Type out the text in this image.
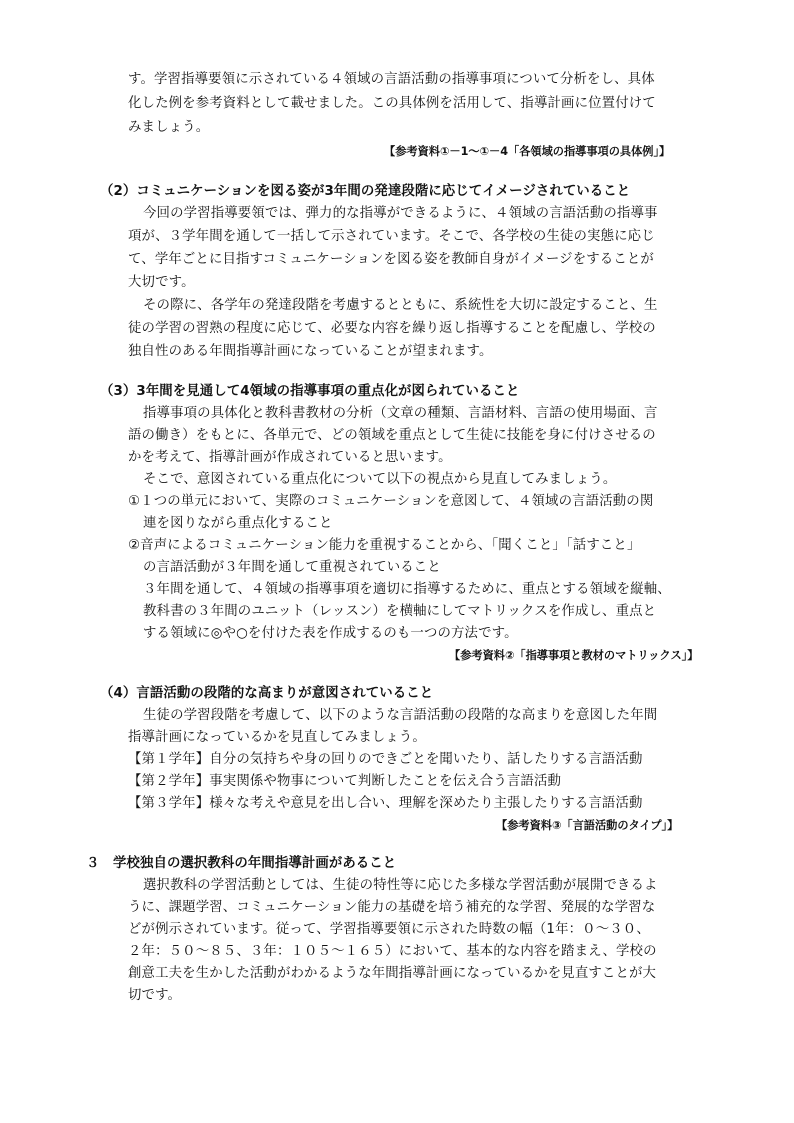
す。学習指導要領に示されている４領域の言語活動の指導事項について分析をし、具体
化した例を参考資料として載せました。この具体例を活用して、指導計画に位置付けて
みましょう。
【参考資料①－1～①－4「各領域の指導事項の具体例」】
（2）コミュニケーションを図る姿が3年間の発達段階に応じてイメージされていること
今回の学習指導要領では、弾力的な指導ができるように、４領域の言語活動の指導事
項が、３学年間を通して一括して示されています。そこで、各学校の生徒の実態に応じ
て、学年ごとに目指すコミュニケーションを図る姿を教師自身がイメージをすることが
大切です。
その際に、各学年の発達段階を考慮するとともに、系統性を大切に設定すること、生
徒の学習の習熟の程度に応じて、必要な内容を繰り返し指導することを配慮し、学校の
独自性のある年間指導計画になっていることが望まれます。
（3）3年間を見通して4領域の指導事項の重点化が図られていること
指導事項の具体化と教科書教材の分析（文章の種類、言語材料、言語の使用場面、言
語の働き）をもとに、各単元で、どの領域を重点として生徒に技能を身に付けさせるの
かを考えて、指導計画が作成されていると思います。
そこで、意図されている重点化について以下の視点から見直してみましょう。
①１つの単元において、実際のコミュニケーションを意図して、４領域の言語活動の関
連を図りながら重点化すること
②音声によるコミュニケーション能力を重視することから、「聞くこと」「話すこと」
の言語活動が３年間を通して重視されていること
３年間を通して、４領域の指導事項を適切に指導するために、重点とする領域を縦軸、
教科書の３年間のユニット（レッスン）を横軸にしてマトリックスを作成し、重点と
する領域に◎や○を付けた表を作成するのも一つの方法です。
【参考資料②「指導事項と教材のマトリックス」】
（4）言語活動の段階的な高まりが意図されていること
生徒の学習段階を考慮して、以下のような言語活動の段階的な高まりを意図した年間
指導計画になっているかを見直してみましょう。
【第１学年】自分の気持ちや身の回りのできごとを聞いたり、話したりする言語活動
【第２学年】事実関係や物事について判断したことを伝え合う言語活動
【第３学年】様々な考えや意見を出し合い、理解を深めたり主張したりする言語活動
【参考資料③「言語活動のタイプ」】
３　学校独自の選択教科の年間指導計画があること
選択教科の学習活動としては、生徒の特性等に応じた多様な学習活動が展開できるよ
うに、課題学習、コミュニケーション能力の基礎を培う補充的な学習、発展的な学習な
どが例示されています。従って、学習指導要領に示された時数の幅（1年：０～３０、
２年：５０～８５、３年：１０５～１６５）において、基本的な内容を踏まえ、学校の
創意工夫を生かした活動がわかるような年間指導計画になっているかを見直すことが大
切です。
